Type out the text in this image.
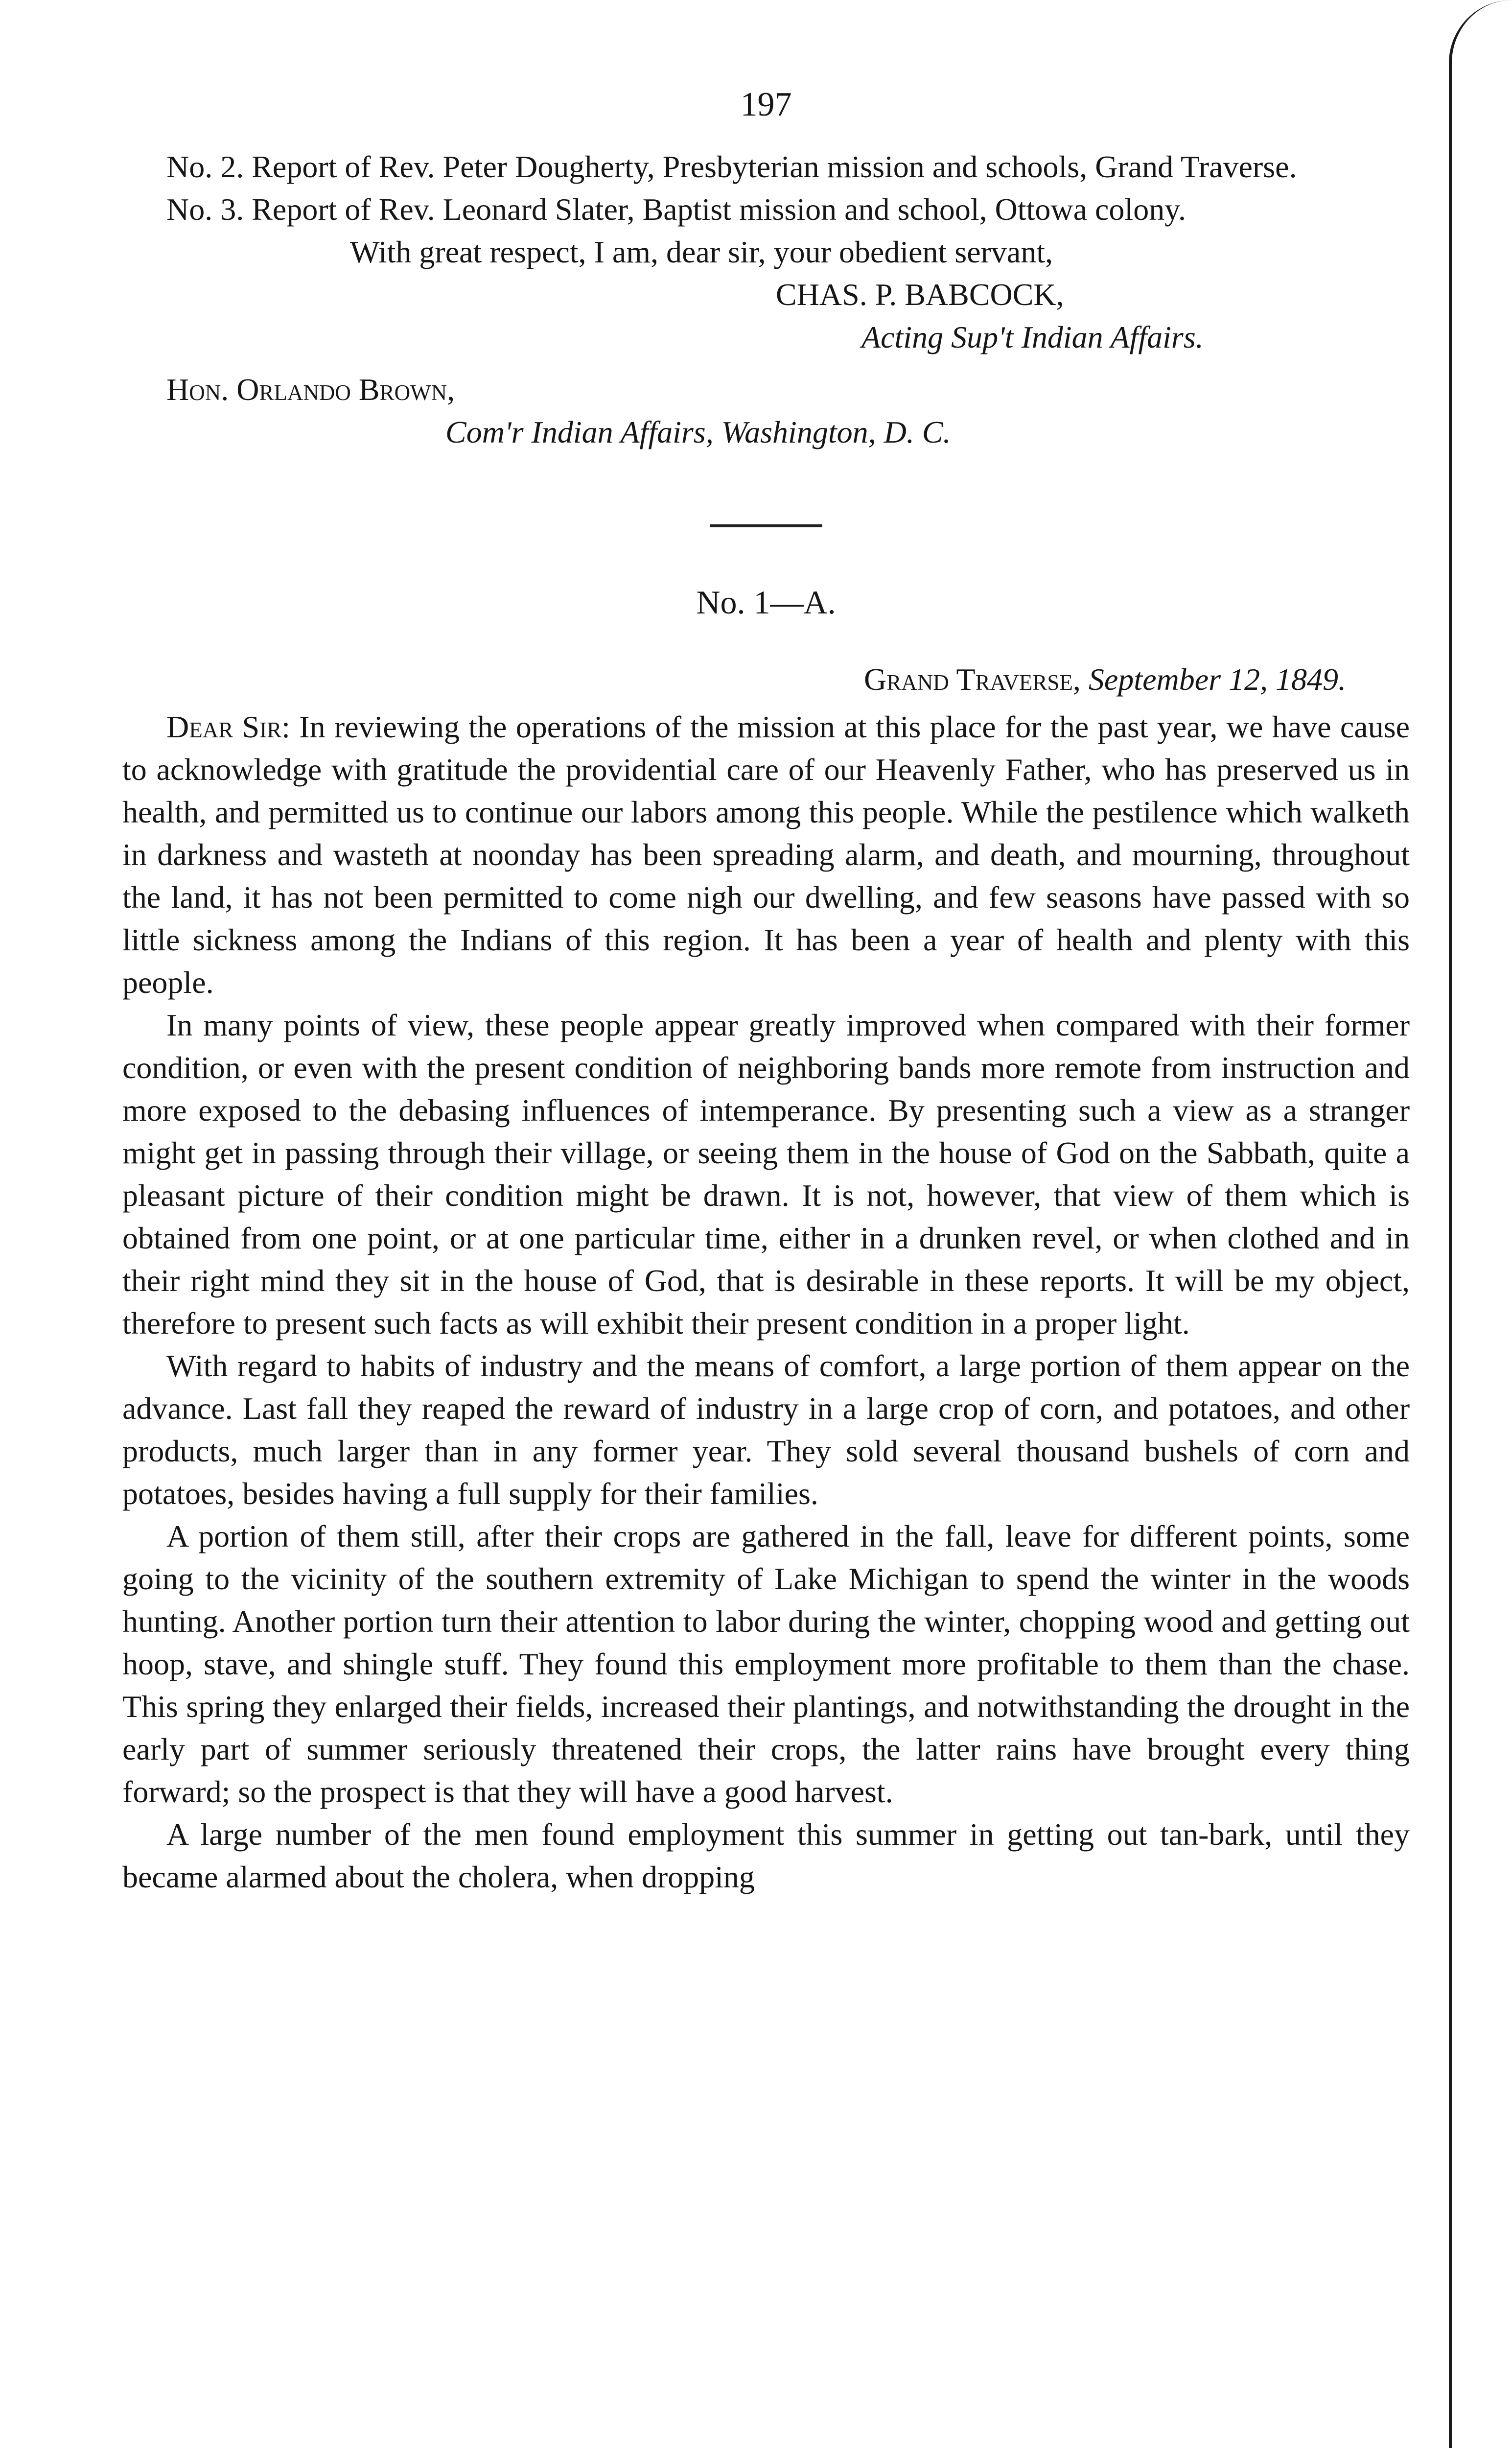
197

No. 2. Report of Rev. Peter Dougherty, Presbyterian mission and schools, Grand Traverse.

No. 3. Report of Rev. Leonard Slater, Baptist mission and school, Ottowa colony.

With great respect, I am, dear sir, your obedient servant,

CHAS. P. BABCOCK,

Acting Sup't Indian Affairs.

Hon. Orlando Brown,

Com'r Indian Affairs, Washington, D. C.

No. 1—A.
Grand Traverse, September 12, 1849.

Dear Sir: In reviewing the operations of the mission at this place for the past year, we have cause to acknowledge with gratitude the providential care of our Heavenly Father, who has preserved us in health, and permitted us to continue our labors among this people. While the pestilence which walketh in darkness and wasteth at noonday has been spreading alarm, and death, and mourning, throughout the land, it has not been permitted to come nigh our dwelling, and few seasons have passed with so little sickness among the Indians of this region. It has been a year of health and plenty with this people.

In many points of view, these people appear greatly improved when compared with their former condition, or even with the present condition of neighboring bands more remote from instruction and more exposed to the debasing influences of intemperance. By presenting such a view as a stranger might get in passing through their village, or seeing them in the house of God on the Sabbath, quite a pleasant picture of their condition might be drawn. It is not, however, that view of them which is obtained from one point, or at one particular time, either in a drunken revel, or when clothed and in their right mind they sit in the house of God, that is desirable in these reports. It will be my object, therefore to present such facts as will exhibit their present condition in a proper light.

With regard to habits of industry and the means of comfort, a large portion of them appear on the advance. Last fall they reaped the reward of industry in a large crop of corn, and potatoes, and other products, much larger than in any former year. They sold several thousand bushels of corn and potatoes, besides having a full supply for their families.

A portion of them still, after their crops are gathered in the fall, leave for different points, some going to the vicinity of the southern extremity of Lake Michigan to spend the winter in the woods hunting. Another portion turn their attention to labor during the winter, chopping wood and getting out hoop, stave, and shingle stuff. They found this employment more profitable to them than the chase. This spring they enlarged their fields, increased their plantings, and notwithstanding the drought in the early part of summer seriously threatened their crops, the latter rains have brought every thing forward; so the prospect is that they will have a good harvest.

A large number of the men found employment this summer in getting out tan-bark, until they became alarmed about the cholera, when dropping
